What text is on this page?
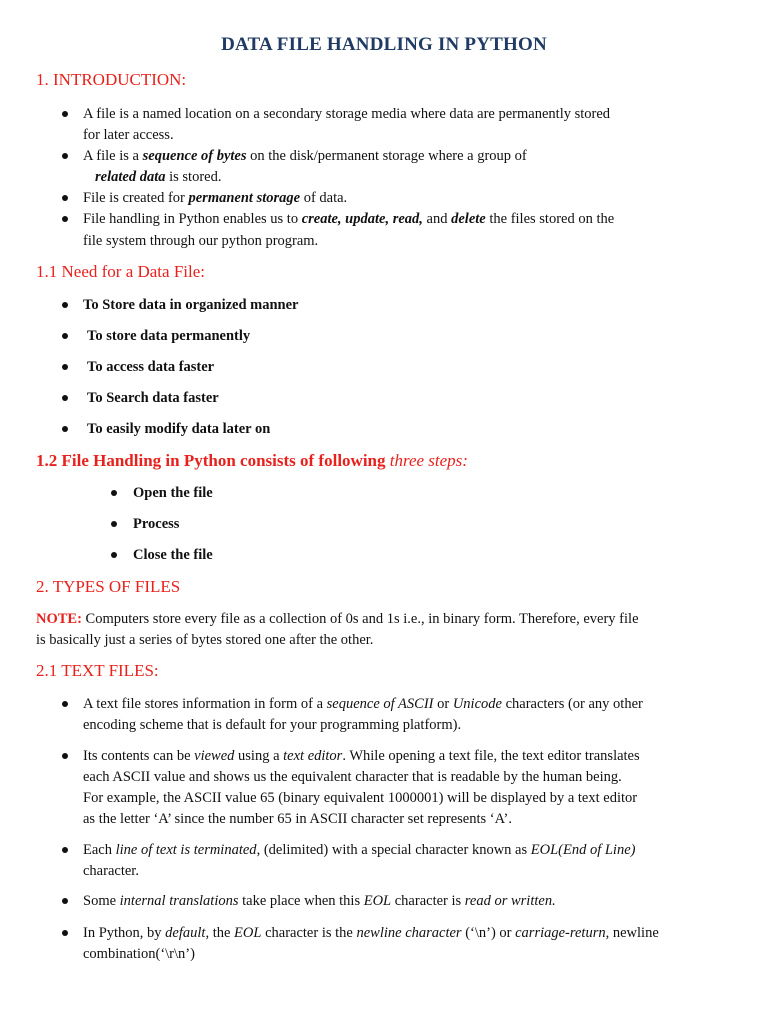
DATA FILE HANDLING IN PYTHON
1. INTRODUCTION:
A file is a named location on a secondary storage media where data are permanently stored
for later access.
A file is a sequence of bytes on the disk/permanent storage where a group of
related data is stored.
File is created for permanent storage of data.
File handling in Python enables us to create, update, read, and delete the files stored on the
file system through our python program.
1.1 Need for a Data File:
To Store data in organized manner
To store data permanently
To access data faster
To Search data faster
To easily modify data later on
1.2 File Handling in Python consists of following three steps:
Open the file
Process
Close the file
2. TYPES OF FILES
NOTE: Computers store every file as a collection of 0s and 1s i.e., in binary form. Therefore, every file
is basically just a series of bytes stored one after the other.
2.1 TEXT FILES:
A text file stores information in form of a sequence of ASCII or Unicode characters (or any other
encoding scheme that is default for your programming platform).
Its contents can be viewed using a text editor. While opening a text file, the text editor translates
each ASCII value and shows us the equivalent character that is readable by the human being.
For example, the ASCII value 65 (binary equivalent 1000001) will be displayed by a text editor
as the letter ‘A’ since the number 65 in ASCII character set represents ‘A’.
Each line of text is terminated, (delimited) with a special character known as EOL(End of Line)
character.
Some internal translations take place when this EOL character is read or written.
In Python, by default, the EOL character is the newline character (‘\n’) or carriage-return, newline
combination(‘\r\n’)
